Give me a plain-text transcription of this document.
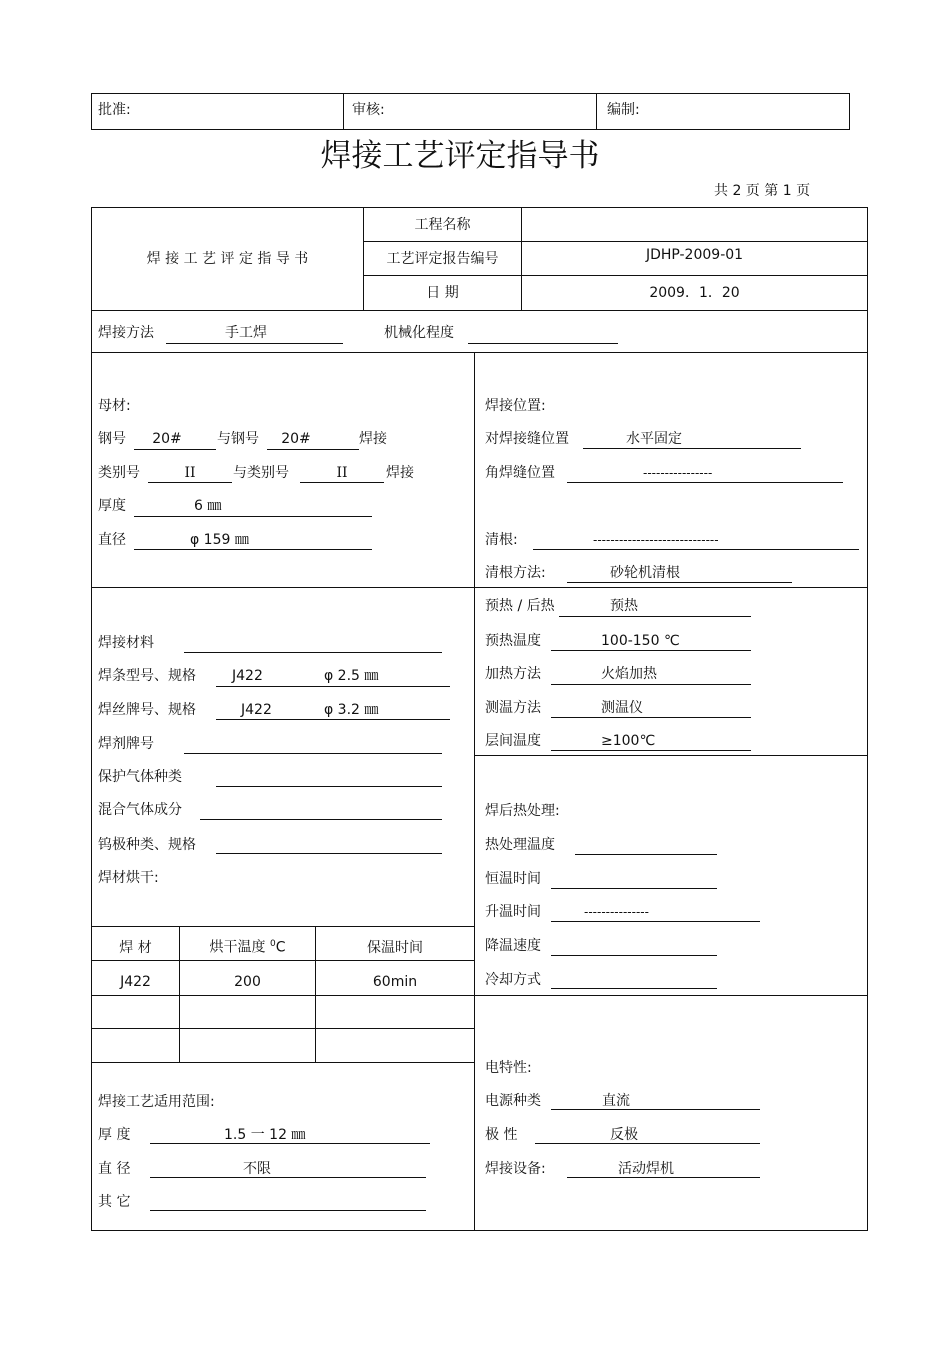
批准:	审核:	编制:
焊接工艺评定指导书
共 2 页 第 1 页
焊 接 工 艺 评 定 指 导 书
工程名称
工艺评定报告编号	JDHP-2009-01
日 期	2009．1．20
焊接方法	手工焊	机械化程度
母材:
钢号	20#	与钢号	20#	焊接
类别号	II	与类别号	II	焊接
厚度	6 ㎜
直径	φ 159 ㎜
焊接位置:
对焊接缝位置	水平固定
角焊缝位置	----------------
清根:	-----------------------------
清根方法:	砂轮机清根
焊接材料
焊条型号、规格	J422	φ 2.5 ㎜
焊丝牌号、规格	J422	φ 3.2 ㎜
焊剂牌号
保护气体种类
混合气体成分
钨极种类、规格
焊材烘干:
焊 材	烘干温度 $^0$C	保温时间
J422	200	60min
预热 / 后热	预热
预热温度	100-150 ℃
加热方法	火焰加热
测温方法	测温仪
层间温度	≥100℃
焊后热处理:
热处理温度
恒温时间
升温时间	---------------
降温速度
冷却方式
焊接工艺适用范围:
厚 度	1.5 一 12 ㎜
直 径	不限
其 它
电特性:
电源种类	直流
极 性	反极
焊接设备:	活动焊机
